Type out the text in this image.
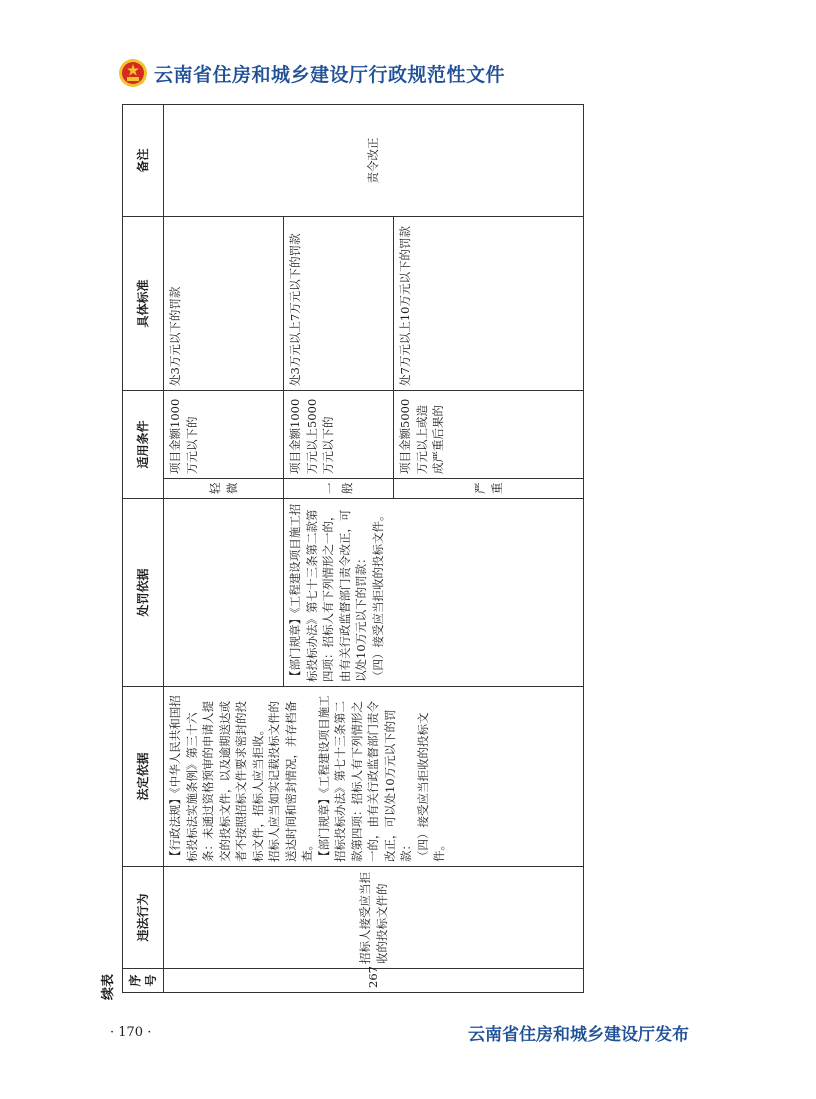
云南省住房和城乡建设厅行政规范性文件
续表 序号	违法行为	法定依据	处罚依据	适用条件		具体标准	备注
267	招标人接受应当拒收的投标文件的	【行政法规】《中华人民共和国招标投标法实施条例》第三十六条：未通过资格预审的申请人提交的投标文件，以及逾期送达或者不按照招标文件要求密封的投标文件，招标人应当拒收。 招标人应当如实记载投标文件的送达时间和密封情况，并存档备查。 【部门规章】《工程建设项目施工招标投标办法》第七十三条第二款第四项：招标人有下列情形之一的，由有关行政监督部门责令改正，可以处10万元以下的罚款： （四）接受应当拒收的投标文件。		轻微	项目金额1000万元以下的	处3万元以下的罚款	责令改正

			【部门规章】《工程建设项目施工招标投标办法》第七十三条第二款第四项：招标人有下列情形之一的，由有关行政监督部门责令改正，可以处10万元以下的罚款： （四）接受应当拒收的投标文件。	一般	项目金额1000万元以上5000万元以下的	处3万元以上7万元以下的罚款	
				严重	项目金额5000万元以上或造成严重后果的	处7万元以上10万元以下的罚款	
· 170 ·	云南省住房和城乡建设厅发布
